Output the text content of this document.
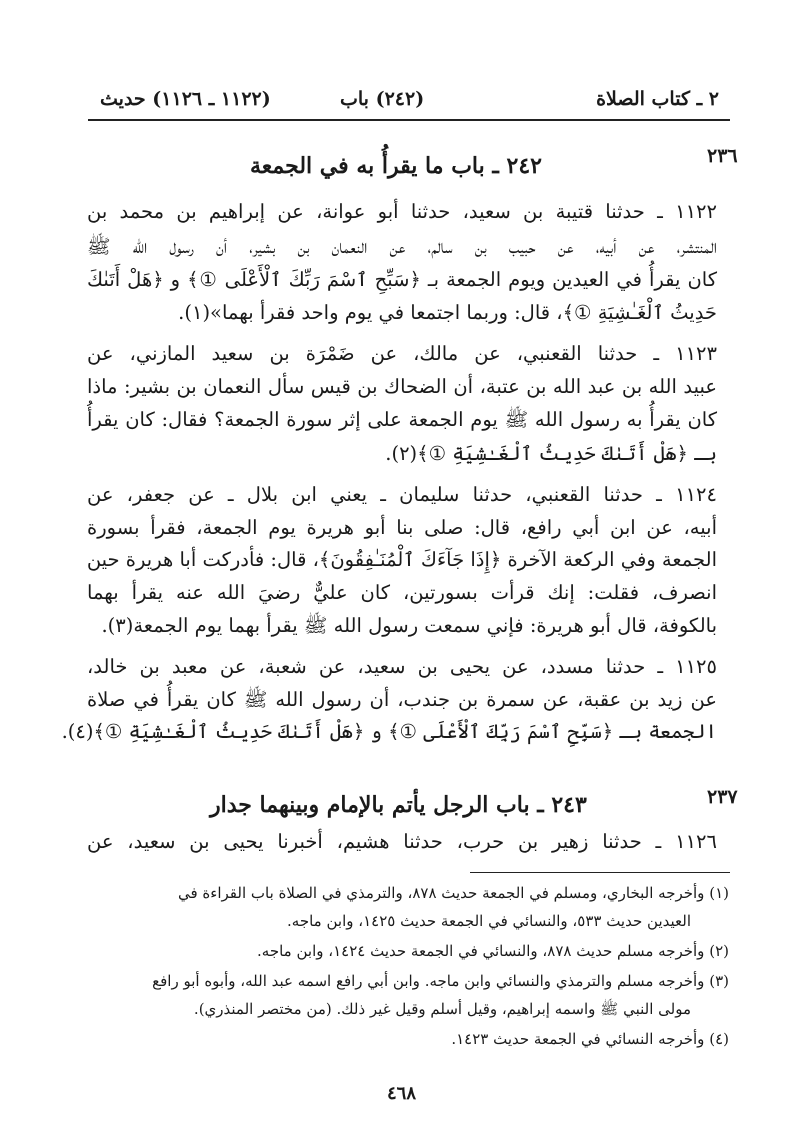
٢ ـ كتاب الصلاة
(٢٤٢) باب
(١١٢٢ ـ ١١٢٦) حديث
٢٣٦
٢٤٢ ـ باب ما يقرأُ به في الجمعة
١١٢٢ ـ حدثنا قتيبة بن سعيد، حدثنا أبو عوانة، عن إبراهيم بن محمد بن
المنتشر، عن أبيه، عن حبيب بن سالم، عن النعمان بن بشير، أن رسول الله ﷺ
كان يقرأُ في العيدين ويوم الجمعة بـ ﴿سَبِّحِ ٱسْمَ رَبِّكَ ٱلْأَعْلَى ①﴾ و ﴿هَلْ أَتَىٰكَ
حَدِيثُ ٱلْغَـٰشِيَةِ ①﴾، قال: وربما اجتمعا في يوم واحد فقرأ بهما»(١).
١١٢٣ ـ حدثنا القعنبي، عن مالك، عن ضَمْرَة بن سعيد المازني، عن
عبيد الله بن عبد الله بن عتبة، أن الضحاك بن قيس سأل النعمان بن بشير: ماذا
كان يقرأُ به رسول الله ﷺ يوم الجمعة على إثر سورة الجمعة؟ فقال: كان يقرأُ
بـ ﴿هَلْ أَتَىٰكَ حَدِيثُ ٱلْغَـٰشِيَةِ ①﴾(٢).
١١٢٤ ـ حدثنا القعنبي، حدثنا سليمان ـ يعني ابن بلال ـ عن جعفر، عن
أبيه، عن ابن أبي رافع، قال: صلى بنا أبو هريرة يوم الجمعة، فقرأ بسورة
الجمعة وفي الركعة الآخرة ﴿إِذَا جَآءَكَ ٱلْمُنَـٰفِقُونَ﴾، قال: فأدركت أبا هريرة حين
انصرف، فقلت: إنك قرأت بسورتين، كان عليٌّ رضيَ الله عنه يقرأ بهما
بالكوفة، قال أبو هريرة: فإني سمعت رسول الله ﷺ يقرأ بهما يوم الجمعة(٣).
١١٢٥ ـ حدثنا مسدد، عن يحيى بن سعيد، عن شعبة، عن معبد بن خالد،
عن زيد بن عقبة، عن سمرة بن جندب، أن رسول الله ﷺ كان يقرأُ في صلاة
الجمعة بـ ﴿سَبِّحِ ٱسْمَ رَبِّكَ ٱلْأَعْلَى ①﴾ و ﴿هَلْ أَتَىٰكَ حَدِيثُ ٱلْغَـٰشِيَةِ ①﴾(٤).
٢٣٧
٢٤٣ ـ باب الرجل يأتم بالإمام وبينهما جدار
١١٢٦ ـ حدثنا زهير بن حرب، حدثنا هشيم، أخبرنا يحيى بن سعيد، عن
(١) وأخرجه البخاري، ومسلم في الجمعة حديث ٨٧٨، والترمذي في الصلاة باب القراءة في
العيدين حديث ٥٣٣، والنسائي في الجمعة حديث ١٤٢٥، وابن ماجه.
(٢) وأخرجه مسلم حديث ٨٧٨، والنسائي في الجمعة حديث ١٤٢٤، وابن ماجه.
(٣) وأخرجه مسلم والترمذي والنسائي وابن ماجه. وابن أبي رافع اسمه عبد الله، وأبوه أبو رافع
مولى النبي ﷺ واسمه إبراهيم، وقيل أسلم وقيل غير ذلك. (من مختصر المنذري).
(٤) وأخرجه النسائي في الجمعة حديث ١٤٢٣.
٤٦٨
